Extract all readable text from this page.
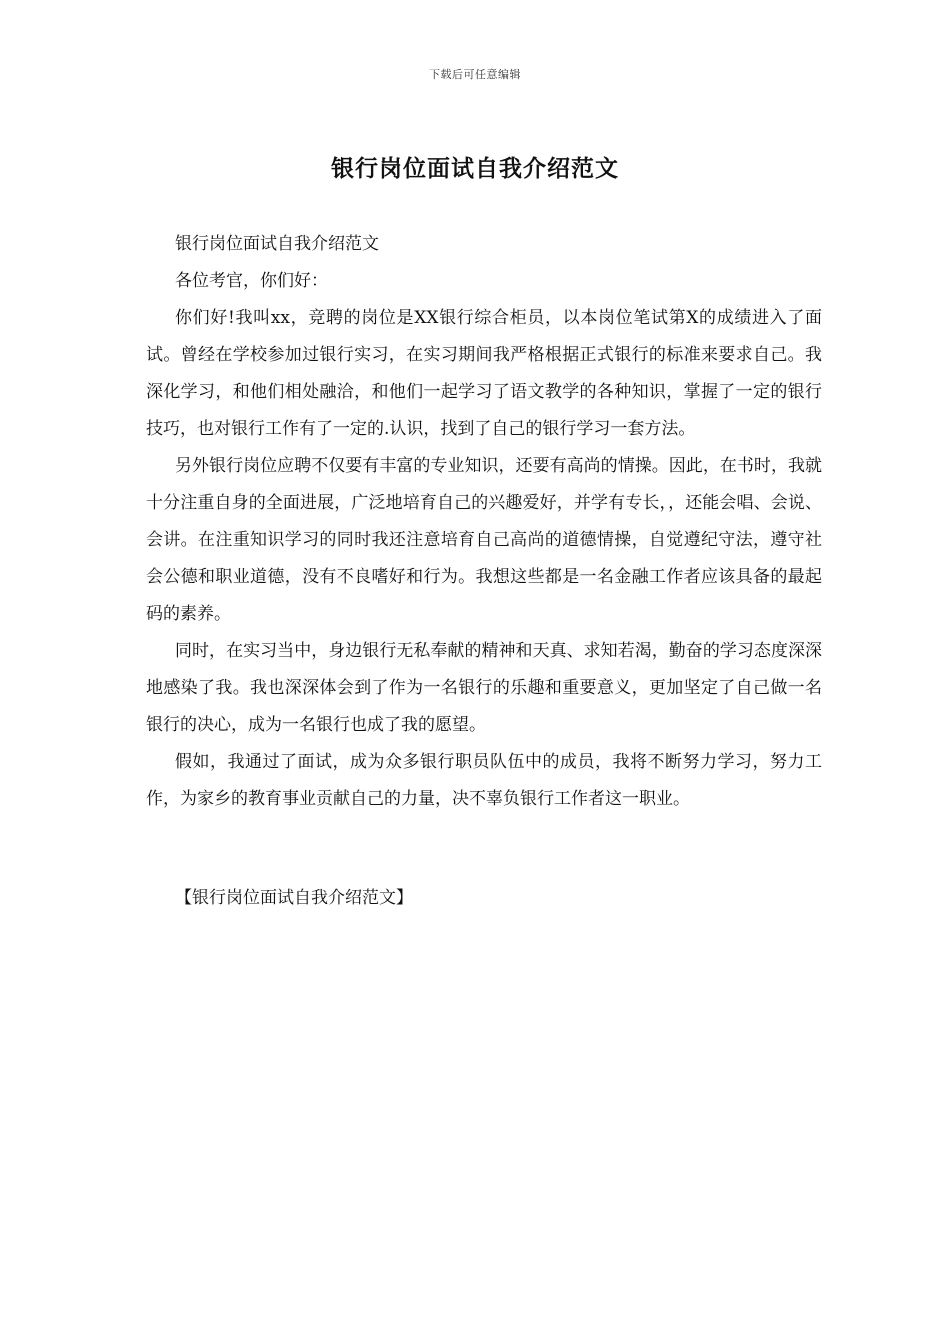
下载后可任意编辑
银行岗位面试自我介绍范文

银行岗位面试自我介绍范文

各位考官，你们好：

你们好!我叫xx，竞聘的岗位是XX银行综合柜员，以本岗位笔试第X的成绩进入了面试。曾经在学校参加过银行实习，在实习期间我严格根据正式银行的标准来要求自己。我深化学习，和他们相处融洽，和他们一起学习了语文教学的各种知识，掌握了一定的银行技巧，也对银行工作有了一定的.认识，找到了自己的银行学习一套方法。

另外银行岗位应聘不仅要有丰富的专业知识，还要有高尚的情操。因此，在书时，我就十分注重自身的全面进展，广泛地培育自己的兴趣爱好，并学有专长，，还能会唱、会说、会讲。在注重知识学习的同时我还注意培育自己高尚的道德情操，自觉遵纪守法，遵守社会公德和职业道德，没有不良嗜好和行为。我想这些都是一名金融工作者应该具备的最起码的素养。

同时，在实习当中，身边银行无私奉献的精神和天真、求知若渴，勤奋的学习态度深深地感染了我。我也深深体会到了作为一名银行的乐趣和重要意义，更加坚定了自己做一名银行的决心，成为一名银行也成了我的愿望。

假如，我通过了面试，成为众多银行职员队伍中的成员，我将不断努力学习，努力工作，为家乡的教育事业贡献自己的力量，决不辜负银行工作者这一职业。

【银行岗位面试自我介绍范文】
